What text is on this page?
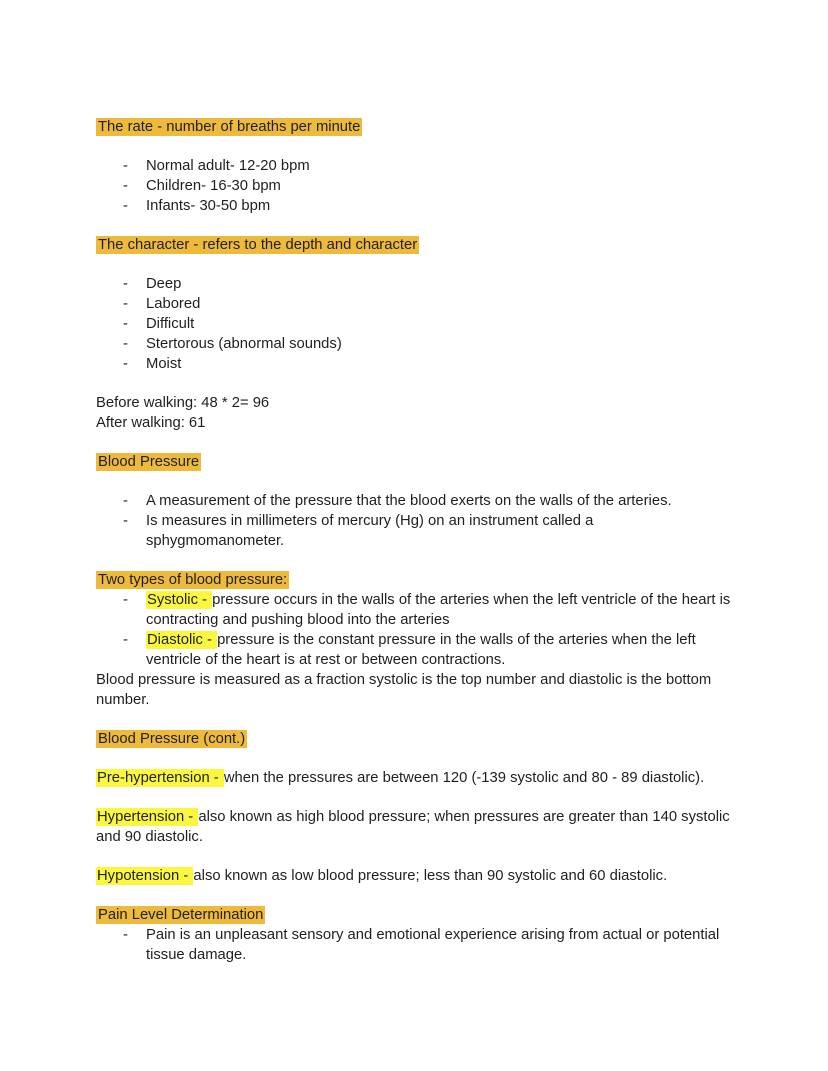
The rate - number of breaths per minute

- Normal adult- 12-20 bpm
- Children- 16-30 bpm
- Infants- 30-50 bpm

The character - refers to the depth and character

- Deep
- Labored
- Difficult
- Stertorous (abnormal sounds)
- Moist

Before walking: 48 * 2= 96

After walking: 61

Blood Pressure

- A measurement of the pressure that the blood exerts on the walls of the arteries.
- Is measures in millimeters of mercury (Hg) on an instrument called a sphygmomanometer.

Two types of blood pressure:

- Systolic - pressure occurs in the walls of the arteries when the left ventricle of the heart is contracting and pushing blood into the arteries
- Diastolic - pressure is the constant pressure in the walls of the arteries when the left ventricle of the heart is at rest or between contractions.

Blood pressure is measured as a fraction systolic is the top number and diastolic is the bottom number.

Blood Pressure (cont.)

Pre-hypertension - when the pressures are between 120 (-139 systolic and 80 - 89 diastolic).

Hypertension - also known as high blood pressure; when pressures are greater than 140 systolic and 90 diastolic.

Hypotension - also known as low blood pressure; less than 90 systolic and 60 diastolic.

Pain Level Determination

- Pain is an unpleasant sensory and emotional experience arising from actual or potential tissue damage.
